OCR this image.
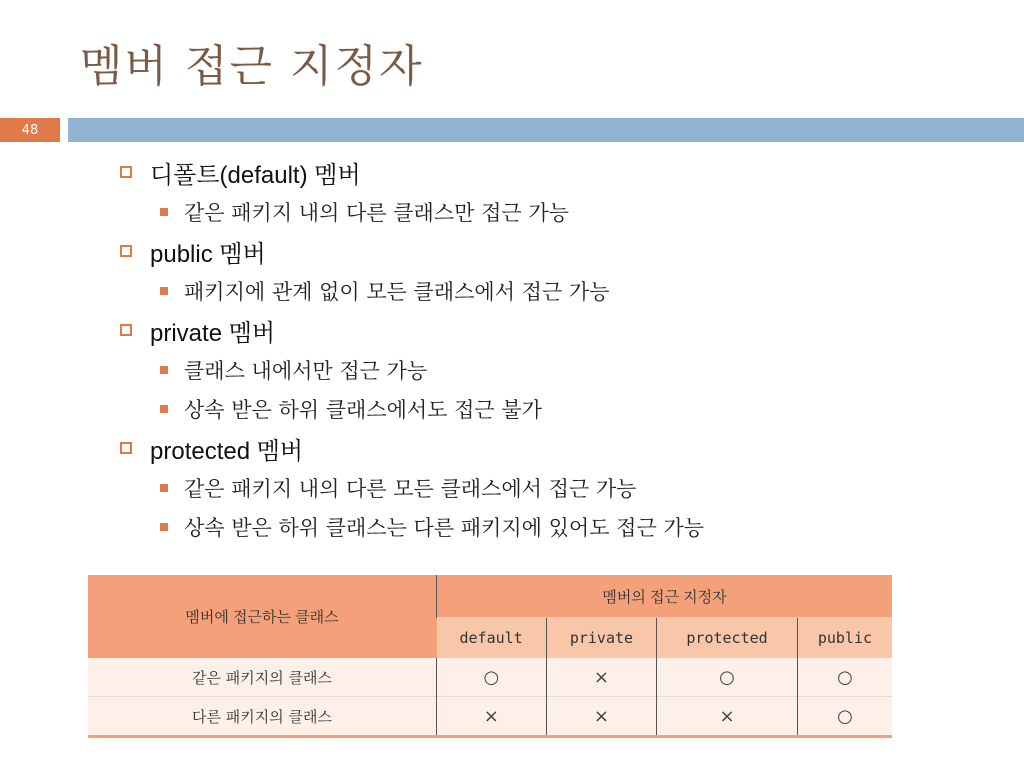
멤버 접근 지정자
48
디폴트(default) 멤버
같은 패키지 내의 다른 클래스만 접근 가능
public 멤버
패키지에 관계 없이 모든 클래스에서 접근 가능
private 멤버
클래스 내에서만 접근 가능
상속 받은 하위 클래스에서도 접근 불가
protected 멤버
같은 패키지 내의 다른 모든 클래스에서 접근 가능
상속 받은 하위 클래스는 다른 패키지에 있어도 접근 가능
멤버에 접근하는 클래스	멤버의 접근 지정자			
	default	private	protected	public
같은 패키지의 클래스	○	×	○	○
다른 패키지의 클래스	×	×	×	○
